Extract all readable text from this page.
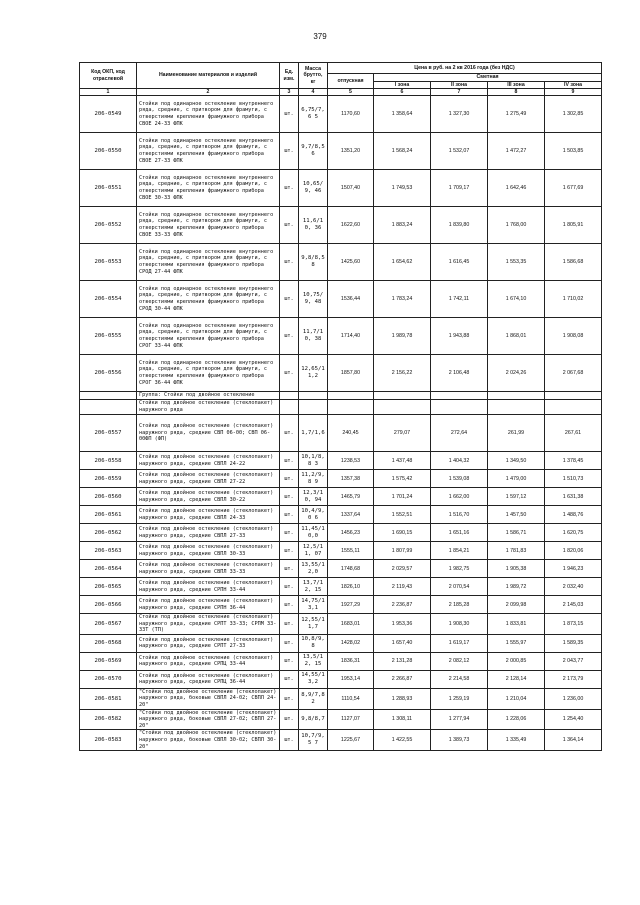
379
Код ОКП, код отраслевой	Наименование материалов и изделий	Ед. изм.	Масса брутто, кг	Цена в руб. на 2 кв 2016 года (без НДС)				
				отпускная	Сметная			
					I зона	II зона	III зона	IV зона
1	2	3	4	5	6	7	8	9
206-0549	Стойки под одинарное остекление внутреннего ряда, средние, с притвором для фрамуги, с отверстиями крепления фрамужного прибора СВОЕ 24-33 ФПК	шт.	6,75/7,6 5	1170,60	1 358,64	1 327,30	1 275,49	1 302,85
206-0550	Стойки под одинарное остекление внутреннего ряда, средние, с притвором для фрамуги, с отверстиями крепления фрамужного прибора СВОЕ 27-33 ФПК	шт.	9,7/8,56	1351,20	1 568,24	1 532,07	1 472,27	1 503,85
206-0551	Стойки под одинарное остекление внутреннего ряда, средние, с притвором для фрамуги, с отверстиями крепления фрамужного прибора СВОЕ 30-33 ФПК	шт.	10,65/9, 46	1507,40	1 749,53	1 709,17	1 642,46	1 677,69
206-0552	Стойки под одинарное остекление внутреннего ряда, средние, с притвором для фрамуги, с отверстиями крепления фрамужного прибора СВОЕ 33-33 ФПК	шт.	11,6/10, 36	1622,60	1 883,24	1 839,80	1 768,00	1 805,91
206-0553	Стойки под одинарное остекление внутреннего ряда, средние, с притвором для фрамуги, с отверстиями крепления фрамужного прибора СРОД 27-44 ФПК	шт.	9,8/8,58	1425,60	1 654,62	1 616,45	1 553,35	1 586,68
206-0554	Стойки под одинарное остекление внутреннего ряда, средние, с притвором для фрамуги, с отверстиями крепления фрамужного прибора СРОД 30-44 ФПК	шт.	10,75/9, 48	1536,44	1 783,24	1 742,11	1 674,10	1 710,02
206-0555	Стойки под одинарное остекление внутреннего ряда, средние, с притвором для фрамуги, с отверстиями крепления фрамужного прибора СРОГ 33-44 ФПК	шт.	11,7/10, 38	1714,40	1 989,78	1 943,88	1 868,01	1 908,08
206-0556	Стойки под одинарное остекление внутреннего ряда, средние, с притвором для фрамуги, с отверстиями крепления фрамужного прибора СРОГ 36-44 ФПК	шт.	12,65/1 1,2	1857,80	2 156,22	2 106,48	2 024,26	2 067,68
	Группа: Стойки под двойное остекление							
	Стойки под двойное остекление (стеклопакет) наружного ряда							
206-0557	Стойки под двойное остекление (стеклопакет) наружного ряда, средние СВП 06-00; СВП 06-00ФП (ФП)	шт.	1,7/1,6	240,45	279,07	272,64	261,99	267,61
206-0558	Стойки под двойное остекление (стеклопакет) наружного ряда, средние СВПЛ 24-22	шт.	10,1/8,8 3	1238,53	1 437,48	1 404,32	1 349,50	1 378,45
206-0559	Стойки под двойное остекление (стеклопакет) наружного ряда, средние СВПЛ 27-22	шт.	11,2/9,8 9	1357,38	1 575,42	1 539,08	1 479,00	1 510,73
206-0560	Стойки под двойное остекление (стеклопакет) наружного ряда, средние СВПЛ 30-22	шт.	12,3/10, 94	1465,79	1 701,24	1 662,00	1 597,12	1 631,38
206-0561	Стойки под двойное остекление (стеклопакет) наружного ряда, средние СВПЛ 24-33	шт.	10,4/9,0 6	1337,64	1 552,51	1 516,70	1 457,50	1 488,76
206-0562	Стойки под двойное остекление (стеклопакет) наружного ряда, средние СВПЛ 27-33	шт.	11,45/1 0,0	1456,23	1 690,15	1 651,16	1 586,71	1 620,75
206-0563	Стойки под двойное остекление (стеклопакет) наружного ряда, средние СВПЛ 30-33	шт.	12,5/11, 07	1555,11	1 807,99	1 854,21	1 781,83	1 820,06
206-0564	Стойки под двойное остекление (стеклопакет) наружного ряда, средние СВПЛ 33-33	шт.	13,55/1 2,0	1748,68	2 029,57	1 982,75	1 905,38	1 946,23
206-0565	Стойки под двойное остекление (стеклопакет) наружного ряда, средние СРПН 33-44	шт.	13,7/12, 15	1826,10	2 119,43	2 070,54	1 989,72	2 032,40
206-0566	Стойки под двойное остекление (стеклопакет) наружного ряда, средние СРПН 36-44	шт.	14,75/1 3,1	1927,29	2 236,87	2 185,28	2 099,98	2 145,03
206-0567	Стойки под двойное остекление (стеклопакет) наружного ряда, средние СРПТ 33-33; СРПМ 33-33Т (ТП)	шт.	12,55/1 1,7	1683,01	1 953,36	1 908,30	1 833,81	1 873,15
206-0568	Стойки под двойное остекление (стеклопакет) наружного ряда, средние СРПТ 27-33	шт.	10,8/9,8	1428,02	1 657,40	1 619,17	1 555,97	1 589,35
206-0569	Стойки под двойное остекление (стеклопакет) наружного ряда, средние СРПЦ 33-44	шт.	13,5/12, 15	1836,31	2 131,28	2 082,12	2 000,85	2 043,77
206-0570	Стойки под двойное остекление (стеклопакет) наружного ряда, средние СРПЦ 36-44	шт.	14,55/1 3,2	1953,14	2 266,87	2 214,58	2 128,14	2 173,79
206-0581	"Стойки под двойное остекление (стеклопакет) наружного ряда, боковые СВПЛ 24-02; СВПЛ 24-20"	шт.	8,9/7,82	1110,54	1 288,93	1 259,19	1 210,04	1 236,00
206-0582	"Стойки под двойное остекление (стеклопакет) наружного ряда, боковые СВПЛ 27-02; СВПЛ 27-20"	шт.	9,8/8,7	1127,07	1 308,11	1 277,94	1 228,06	1 254,40
206-0583	"Стойки под двойное остекление (стеклопакет) наружного ряда, боковые СВПЛ 30-02; СВПЛ 30-20"	шт.	10,7/9,5 7	1225,67	1 422,55	1 389,73	1 335,49	1 364,14
